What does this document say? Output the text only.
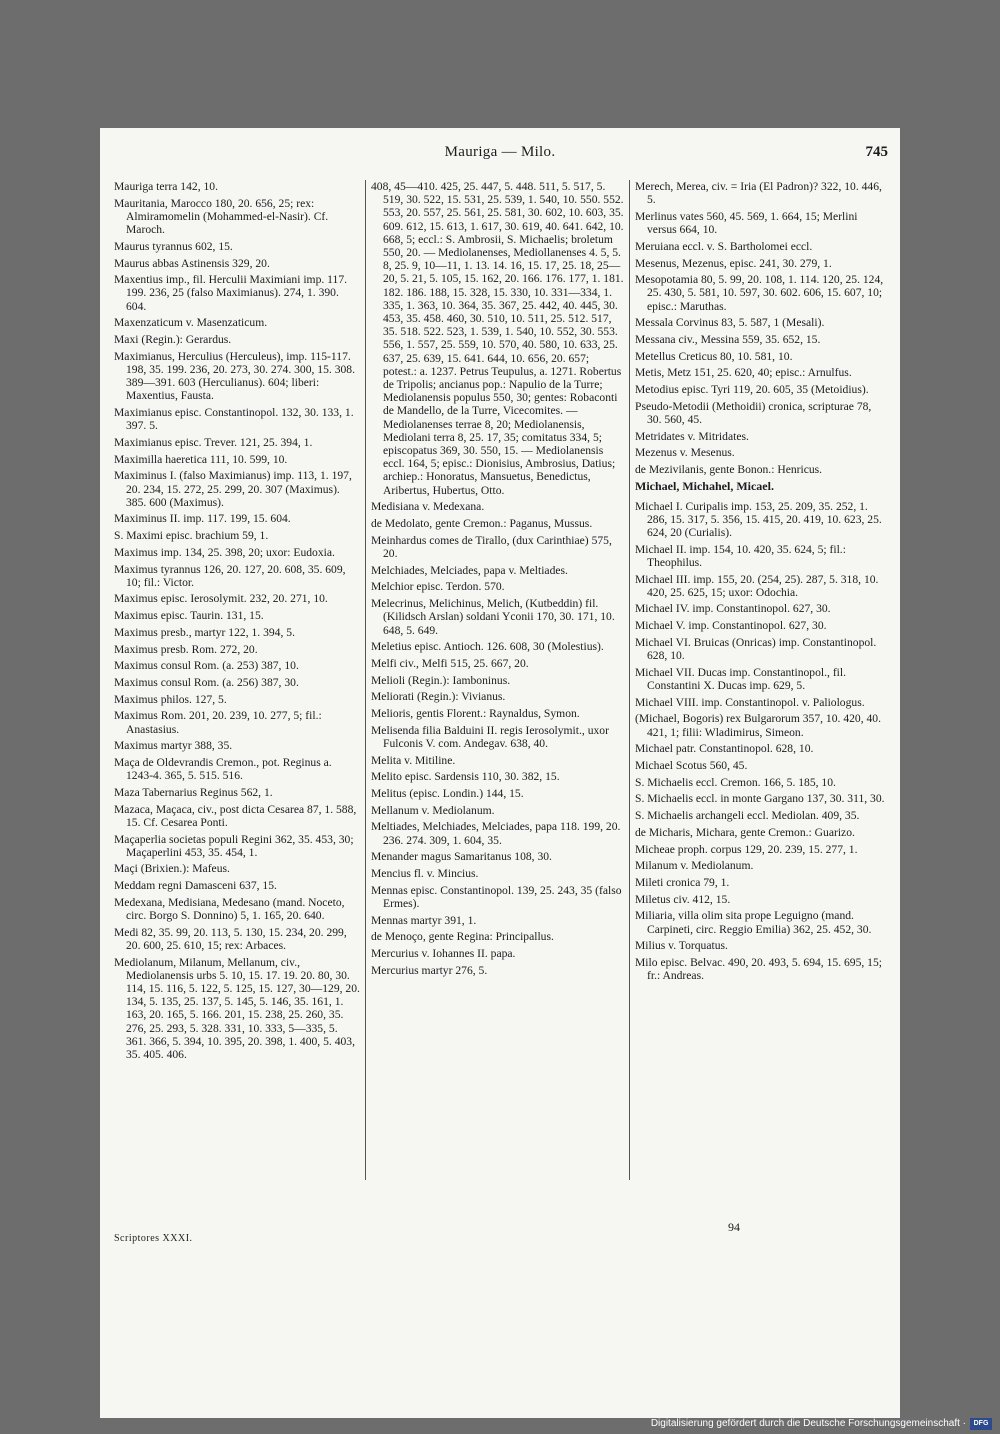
Mauriga — Milo.	745
Mauriga terra 142, 10.
Mauritania, Marocco 180, 20. 656, 25; rex: Almiramomelin (Mohammed-el-Nasir). Cf. Maroch.
Maurus tyrannus 602, 15.
Maurus abbas Astinensis 329, 20.
Maxentius imp., fil. Herculii Maximiani imp. 117. 199. 236, 25 (falso Maximianus). 274, 1. 390. 604.
Maxenzaticum v. Masenzaticum.
Maxi (Regin.): Gerardus.
Maximianus, Herculius (Herculeus), imp. 115-117. 198, 35. 199. 236, 20. 273, 30. 274. 300, 15. 308. 389—391. 603 (Herculianus). 604; liberi: Maxentius, Fausta.
Maximianus episc. Constantinopol. 132, 30. 133, 1. 397. 5.
Maximianus episc. Trever. 121, 25. 394, 1.
Maximilla haeretica 111, 10. 599, 10.
Maximinus I. (falso Maximianus) imp. 113, 1. 197, 20. 234, 15. 272, 25. 299, 20. 307 (Maximus). 385. 600 (Maximus).
Maximinus II. imp. 117. 199, 15. 604.
S. Maximi episc. brachium 59, 1.
Maximus imp. 134, 25. 398, 20; uxor: Eudoxia.
Maximus tyrannus 126, 20. 127, 20. 608, 35. 609, 10; fil.: Victor.
Maximus episc. Ierosolymit. 232, 20. 271, 10.
Maximus episc. Taurin. 131, 15.
Maximus presb., martyr 122, 1. 394, 5.
Maximus presb. Rom. 272, 20.
Maximus consul Rom. (a. 253) 387, 10.
Maximus consul Rom. (a. 256) 387, 30.
Maximus philos. 127, 5.
Maximus Rom. 201, 20. 239, 10. 277, 5; fil.: Anastasius.
Maximus martyr 388, 35.
Maça de Oldevrandis Cremon., pot. Reginus a. 1243-4. 365, 5. 515. 516.
Maza Tabernarius Reginus 562, 1.
Mazaca, Maçaca, civ., post dicta Cesarea 87, 1. 588, 15. Cf. Cesarea Ponti.
Maçaperlia societas populi Regini 362, 35. 453, 30; Maçaperlini 453, 35. 454, 1.
Maçi (Brixien.): Mafeus.
Meddam regni Damasceni 637, 15.
Medexana, Medisiana, Medesano (mand. Noceto, circ. Borgo S. Donnino) 5, 1. 165, 20. 640.
Medi 82, 35. 99, 20. 113, 5. 130, 15. 234, 20. 299, 20. 600, 25. 610, 15; rex: Arbaces.
Mediolanum, Milanum, Mellanum, civ., Mediolanensis urbs 5. 10, 15. 17. 19. 20. 80, 30. 114, 15. 116, 5. 122, 5. 125, 15. 127, 30—129, 20. 134, 5. 135, 25. 137, 5. 145, 5. 146, 35. 161, 1. 163, 20. 165, 5. 166. 201, 15. 238, 25. 260, 35. 276, 25. 293, 5. 328. 331, 10. 333, 5—335, 5. 361. 366, 5. 394, 10. 395, 20. 398, 1. 400, 5. 403, 35. 405. 406.
408, 45—410. 425, 25. 447, 5. 448. 511, 5. 517, 5. 519, 30. 522, 15. 531, 25. 539, 1. 540, 10. 550. 552. 553, 20. 557, 25. 561, 25. 581, 30. 602, 10. 603, 35. 609. 612, 15. 613, 1. 617, 30. 619, 40. 641. 642, 10. 668, 5; eccl.: S. Ambrosii, S. Michaelis; broletum 550, 20. — Mediolanenses, Mediollanenses 4. 5, 5. 8, 25. 9, 10—11, 1. 13. 14. 16, 15. 17, 25. 18, 25—20, 5. 21, 5. 105, 15. 162, 20. 166. 176. 177, 1. 181. 182. 186. 188, 15. 328, 15. 330, 10. 331—334, 1. 335, 1. 363, 10. 364, 35. 367, 25. 442, 40. 445, 30. 453, 35. 458. 460, 30. 510, 10. 511, 25. 512. 517, 35. 518. 522. 523, 1. 539, 1. 540, 10. 552, 30. 553. 556, 1. 557, 25. 559, 10. 570, 40. 580, 10. 633, 25. 637, 25. 639, 15. 641. 644, 10. 656, 20. 657; potest.: a. 1237. Petrus Teupulus, a. 1271. Robertus de Tripolis; ancianus pop.: Napulio de la Turre; Mediolanensis populus 550, 30; gentes: Robaconti de Mandello, de la Turre, Vicecomites. — Mediolanenses terrae 8, 20; Mediolanensis, Mediolani terra 8, 25. 17, 35; comitatus 334, 5; episcopatus 369, 30. 550, 15. — Mediolanensis eccl. 164, 5; episc.: Dionisius, Ambrosius, Datius; archiep.: Honoratus, Mansuetus, Benedictus, Aribertus, Hubertus, Otto.
Medisiana v. Medexana.
de Medolato, gente Cremon.: Paganus, Mussus.
Meinhardus comes de Tirallo, (dux Carinthiae) 575, 20.
Melchiades, Melciades, papa v. Meltiades.
Melchior episc. Terdon. 570.
Melecrinus, Melichinus, Melich, (Kutbeddin) fil. (Kilidsch Arslan) soldani Yconii 170, 30. 171, 10. 648, 5. 649.
Meletius episc. Antioch. 126. 608, 30 (Molestius).
Melfi civ., Melfi 515, 25. 667, 20.
Melioli (Regin.): Iamboninus.
Meliorati (Regin.): Vivianus.
Melioris, gentis Florent.: Raynaldus, Symon.
Melisenda filia Balduini II. regis Ierosolymit., uxor Fulconis V. com. Andegav. 638, 40.
Melita v. Mitiline.
Melito episc. Sardensis 110, 30. 382, 15.
Melitus (episc. Londin.) 144, 15.
Mellanum v. Mediolanum.
Meltiades, Melchiades, Melciades, papa 118. 199, 20. 236. 274. 309, 1. 604, 35.
Menander magus Samaritanus 108, 30.
Mencius fl. v. Mincius.
Mennas episc. Constantinopol. 139, 25. 243, 35 (falso Ermes).
Mennas martyr 391, 1.
de Menoço, gente Regina: Principallus.
Mercurius v. Iohannes II. papa.
Mercurius martyr 276, 5.
Merech, Merea, civ. = Iria (El Padron)? 322, 10. 446, 5.
Merlinus vates 560, 45. 569, 1. 664, 15; Merlini versus 664, 10.
Meruiana eccl. v. S. Bartholomei eccl.
Mesenus, Mezenus, episc. 241, 30. 279, 1.
Mesopotamia 80, 5. 99, 20. 108, 1. 114. 120, 25. 124, 25. 430, 5. 581, 10. 597, 30. 602. 606, 15. 607, 10; episc.: Maruthas.
Messala Corvinus 83, 5. 587, 1 (Mesali).
Messana civ., Messina 559, 35. 652, 15.
Metellus Creticus 80, 10. 581, 10.
Metis, Metz 151, 25. 620, 40; episc.: Arnulfus.
Metodius episc. Tyri 119, 20. 605, 35 (Metoidius).
Pseudo-Metodii (Methoidii) cronica, scripturae 78, 30. 560, 45.
Metridates v. Mitridates.
Mezenus v. Mesenus.
de Mezivilanis, gente Bonon.: Henricus.
Michael, Michahel, Micael.
Michael I. Curipalis imp. 153, 25. 209, 35. 252, 1. 286, 15. 317, 5. 356, 15. 415, 20. 419, 10. 623, 25. 624, 20 (Curialis).
Michael II. imp. 154, 10. 420, 35. 624, 5; fil.: Theophilus.
Michael III. imp. 155, 20. (254, 25). 287, 5. 318, 10. 420, 25. 625, 15; uxor: Odochia.
Michael IV. imp. Constantinopol. 627, 30.
Michael V. imp. Constantinopol. 627, 30.
Michael VI. Bruicas (Onricas) imp. Constantinopol. 628, 10.
Michael VII. Ducas imp. Constantinopol., fil. Constantini X. Ducas imp. 629, 5.
Michael VIII. imp. Constantinopol. v. Paliologus.
(Michael, Bogoris) rex Bulgarorum 357, 10. 420, 40. 421, 1; filii: Wladimirus, Simeon.
Michael patr. Constantinopol. 628, 10.
Michael Scotus 560, 45.
S. Michaelis eccl. Cremon. 166, 5. 185, 10.
S. Michaelis eccl. in monte Gargano 137, 30. 311, 30.
S. Michaelis archangeli eccl. Mediolan. 409, 35.
de Micharis, Michara, gente Cremon.: Guarizo.
Micheae proph. corpus 129, 20. 239, 15. 277, 1.
Milanum v. Mediolanum.
Mileti cronica 79, 1.
Miletus civ. 412, 15.
Miliaria, villa olim sita prope Leguigno (mand. Carpineti, circ. Reggio Emilia) 362, 25. 452, 30.
Milius v. Torquatus.
Milo episc. Belvac. 490, 20. 493, 5. 694, 15. 695, 15; fr.: Andreas.
Scriptores XXXI.
94
Digitalisierung gefördert durch die Deutsche Forschungsgemeinschaft ·	DFG
